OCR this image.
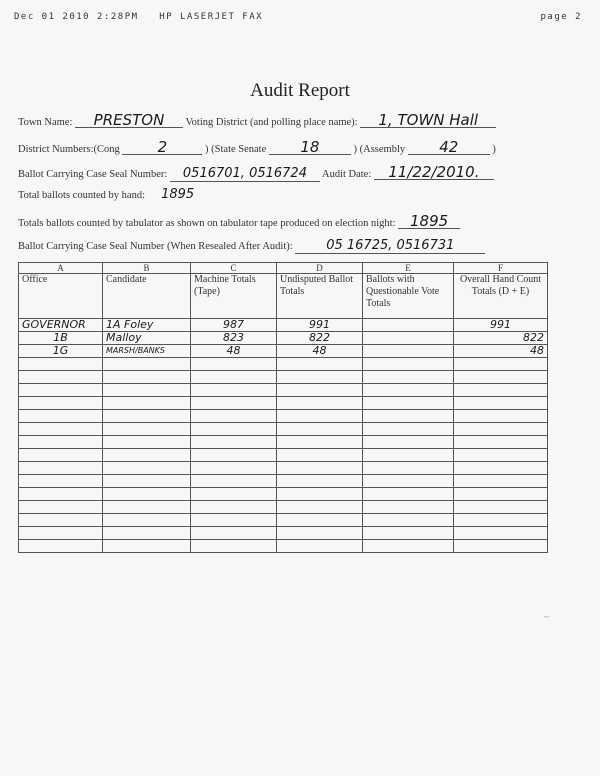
Dec 01 2010 2:28PM   HP LASERJET FAX	page 2
Audit Report
Town Name: PRESTON Voting District (and polling place name): 1, TOWN Hall
District Numbers:(Cong	2	) (State Senate 18	) (Assembly 42	)
Ballot Carrying Case Seal Number: 0516701, 0516724 Audit Date: 11/22/2010.
Total ballots counted by hand: 1895
Totals ballots counted by tabulator as shown on tabulator tape produced on election night: 1895
Ballot Carrying Case Seal Number (When Resealed After Audit):	05 16725, 0516731
A	B	C	D	E	F
Office	Candidate	Machine Totals (Tape)	Undisputed Ballot Totals	Ballots with Questionable Vote Totals	Overall Hand Count Totals (D + E)
GOVERNOR	1A Foley	987	991		991
1B	Malloy	823	822		822
1G	MARSH/BANKS	48	48		48

~
